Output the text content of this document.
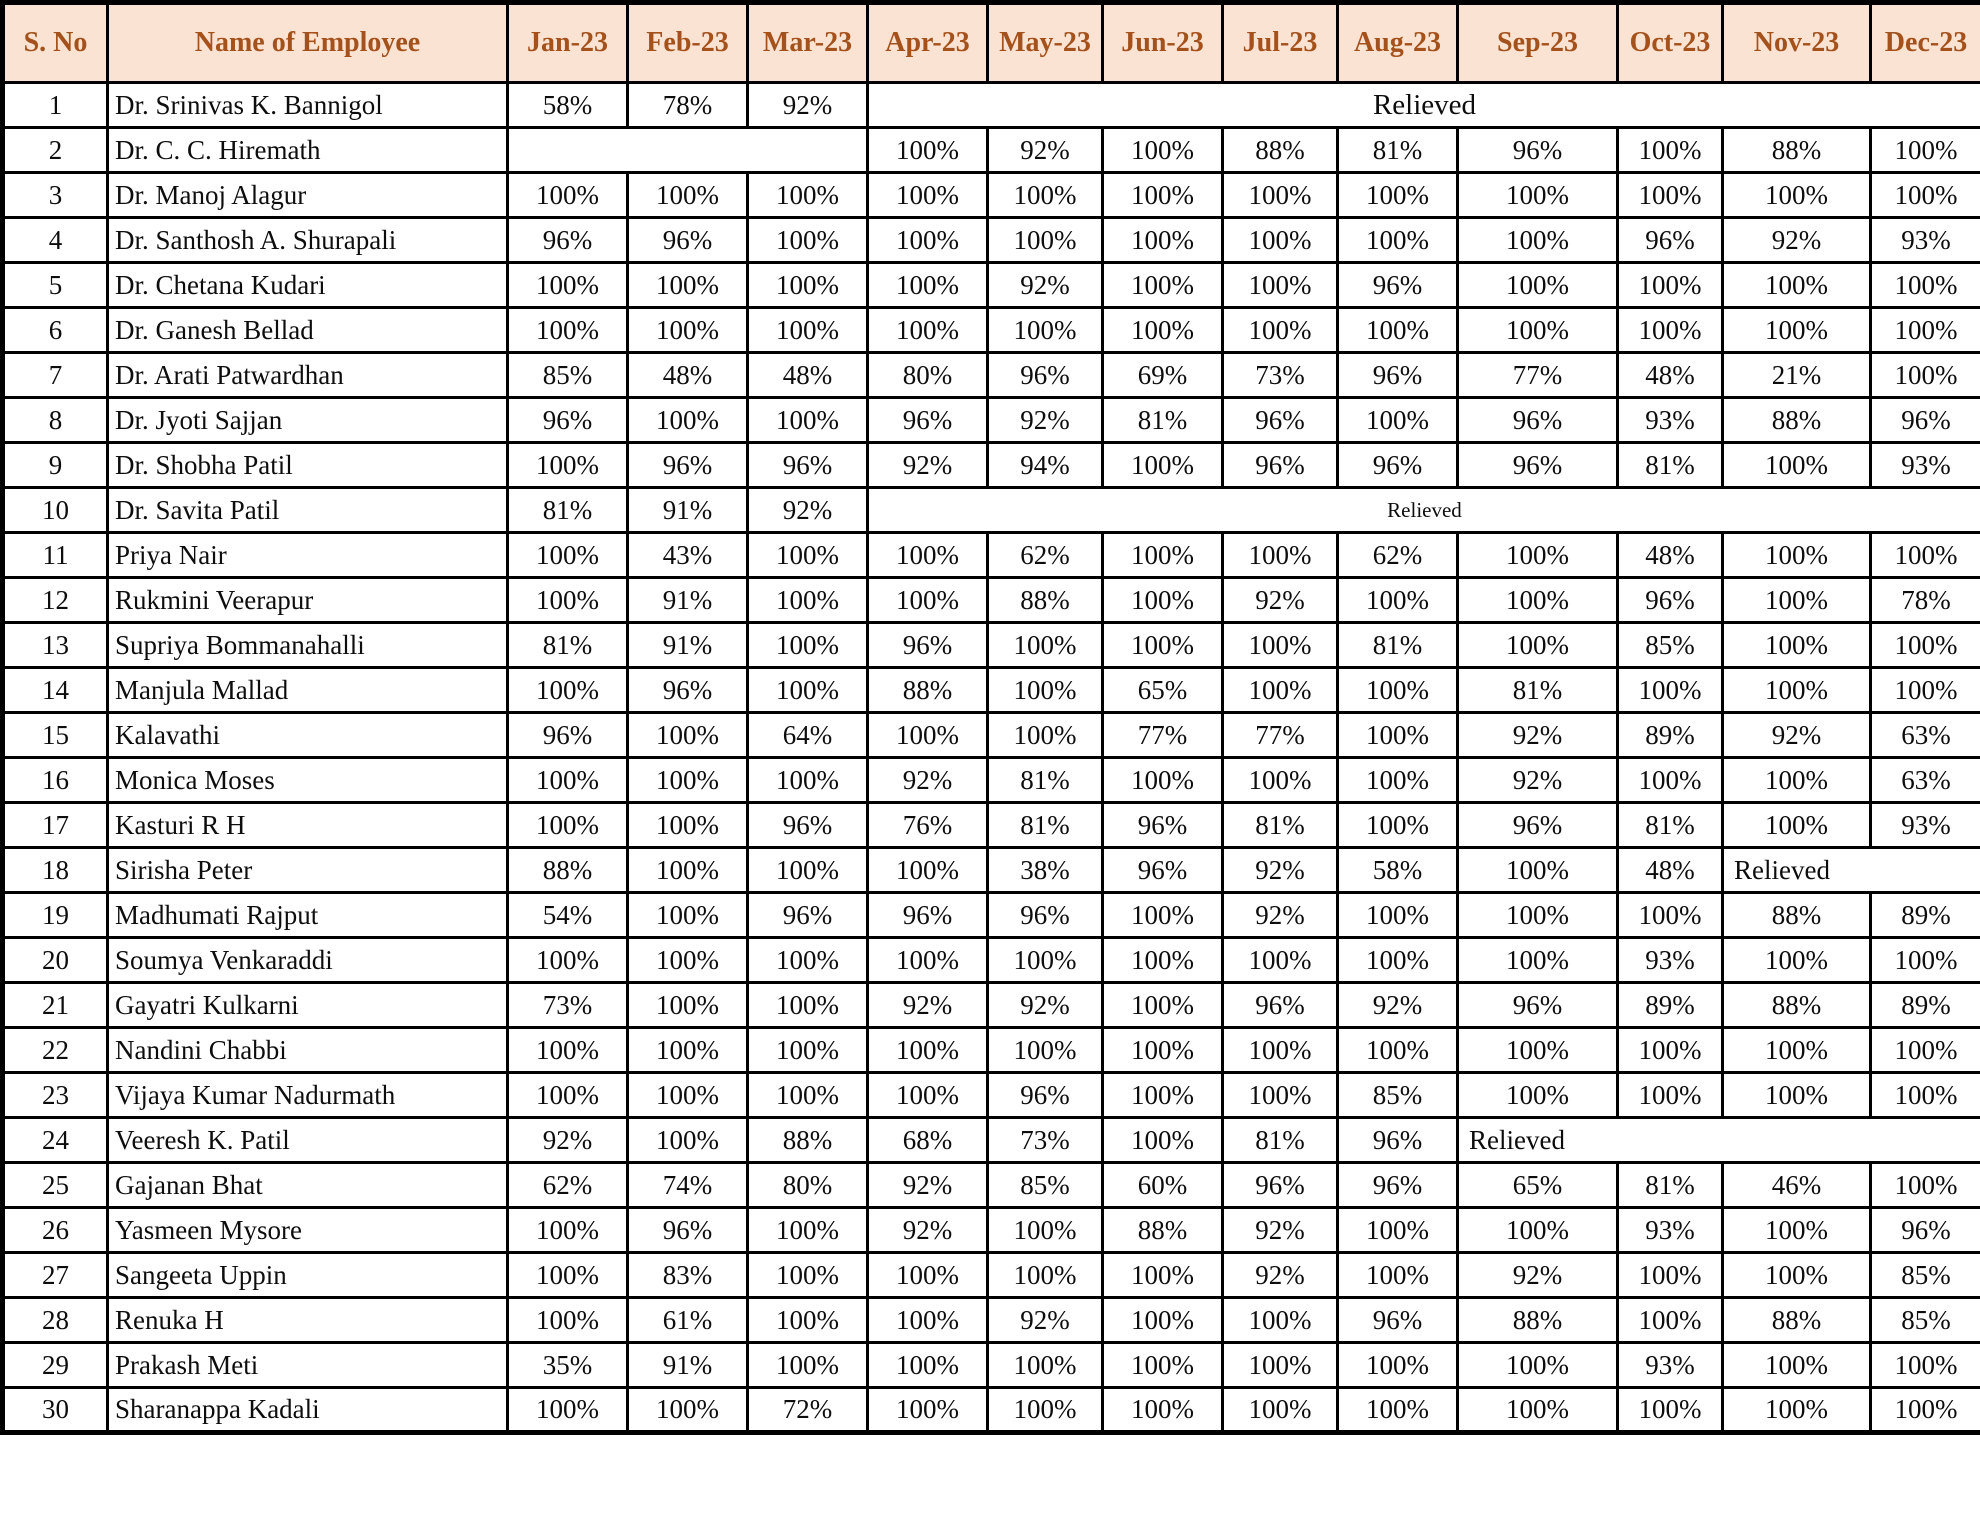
S. No	Name of Employee	Jan-23	Feb-23	Mar-23	Apr-23	May-23	Jun-23	Jul-23	Aug-23	Sep-23	Oct-23	Nov-23	Dec-23
1	Dr. Srinivas K. Bannigol	58%	78%	92%	Relieved								
2	Dr. C. C. Hiremath				100%	92%	100%	88%	81%	96%	100%	88%	100%
3	Dr. Manoj Alagur	100%	100%	100%	100%	100%	100%	100%	100%	100%	100%	100%	100%
4	Dr. Santhosh A. Shurapali	96%	96%	100%	100%	100%	100%	100%	100%	100%	96%	92%	93%
5	Dr. Chetana Kudari	100%	100%	100%	100%	92%	100%	100%	96%	100%	100%	100%	100%
6	Dr. Ganesh Bellad	100%	100%	100%	100%	100%	100%	100%	100%	100%	100%	100%	100%
7	Dr. Arati Patwardhan	85%	48%	48%	80%	96%	69%	73%	96%	77%	48%	21%	100%
8	Dr. Jyoti Sajjan	96%	100%	100%	96%	92%	81%	96%	100%	96%	93%	88%	96%
9	Dr. Shobha Patil	100%	96%	96%	92%	94%	100%	96%	96%	96%	81%	100%	93%
10	Dr. Savita Patil	81%	91%	92%	Relieved								
11	Priya Nair	100%	43%	100%	100%	62%	100%	100%	62%	100%	48%	100%	100%
12	Rukmini Veerapur	100%	91%	100%	100%	88%	100%	92%	100%	100%	96%	100%	78%
13	Supriya Bommanahalli	81%	91%	100%	96%	100%	100%	100%	81%	100%	85%	100%	100%
14	Manjula Mallad	100%	96%	100%	88%	100%	65%	100%	100%	81%	100%	100%	100%
15	Kalavathi	96%	100%	64%	100%	100%	77%	77%	100%	92%	89%	92%	63%
16	Monica Moses	100%	100%	100%	92%	81%	100%	100%	100%	92%	100%	100%	63%
17	Kasturi R H	100%	100%	96%	76%	81%	96%	81%	100%	96%	81%	100%	93%
18	Sirisha Peter	88%	100%	100%	100%	38%	96%	92%	58%	100%	48%	Relieved	
19	Madhumati Rajput	54%	100%	96%	96%	96%	100%	92%	100%	100%	100%	88%	89%
20	Soumya Venkaraddi	100%	100%	100%	100%	100%	100%	100%	100%	100%	93%	100%	100%
21	Gayatri Kulkarni	73%	100%	100%	92%	92%	100%	96%	92%	96%	89%	88%	89%
22	Nandini Chabbi	100%	100%	100%	100%	100%	100%	100%	100%	100%	100%	100%	100%
23	Vijaya Kumar Nadurmath	100%	100%	100%	100%	96%	100%	100%	85%	100%	100%	100%	100%
24	Veeresh K. Patil	92%	100%	88%	68%	73%	100%	81%	96%	Relieved			
25	Gajanan Bhat	62%	74%	80%	92%	85%	60%	96%	96%	65%	81%	46%	100%
26	Yasmeen Mysore	100%	96%	100%	92%	100%	88%	92%	100%	100%	93%	100%	96%
27	Sangeeta Uppin	100%	83%	100%	100%	100%	100%	92%	100%	92%	100%	100%	85%
28	Renuka H	100%	61%	100%	100%	92%	100%	100%	96%	88%	100%	88%	85%
29	Prakash Meti	35%	91%	100%	100%	100%	100%	100%	100%	100%	93%	100%	100%
30	Sharanappa Kadali	100%	100%	72%	100%	100%	100%	100%	100%	100%	100%	100%	100%
